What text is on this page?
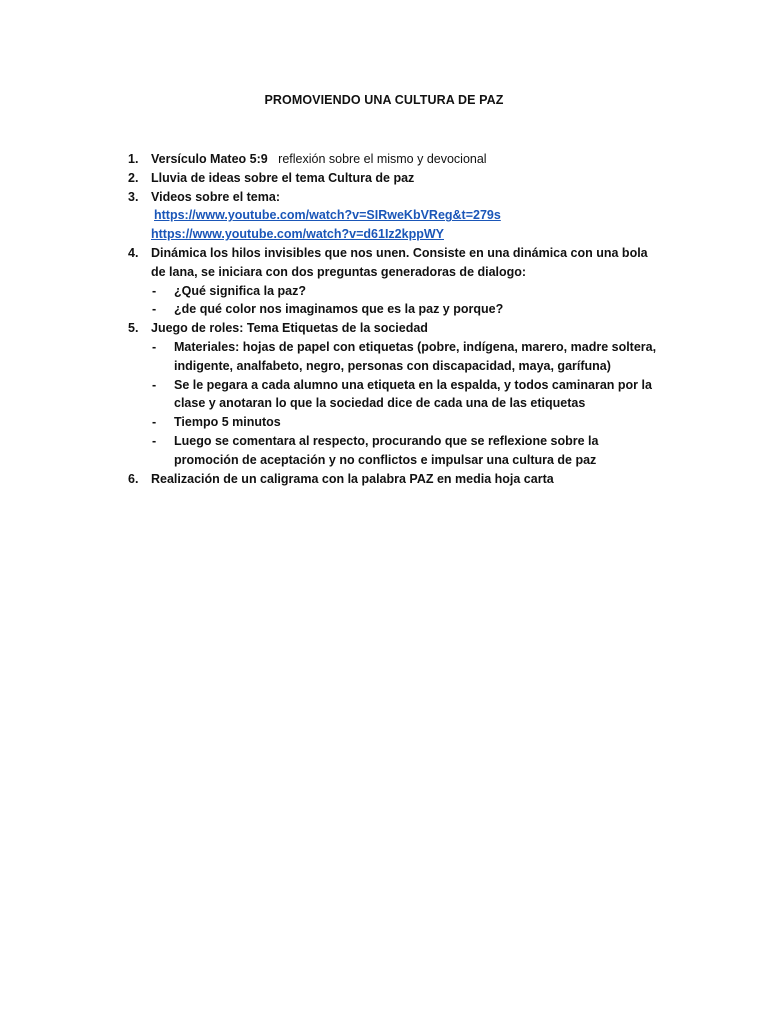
PROMOVIENDO UNA CULTURA DE PAZ
1. Versículo Mateo 5:9 reflexión sobre el mismo y devocional
2. Lluvia de ideas sobre el tema Cultura de paz
3. Videos sobre el tema:
https://www.youtube.com/watch?v=SIRweKbVReg&t=279s
https://www.youtube.com/watch?v=d61Iz2kppWY
4. Dinámica los hilos invisibles que nos unen. Consiste en una dinámica con una bola de lana, se iniciara con dos preguntas generadoras de dialogo:
- ¿Qué significa la paz?
- ¿de qué color nos imaginamos que es la paz y porque?
5. Juego de roles: Tema Etiquetas de la sociedad
- Materiales: hojas de papel con etiquetas (pobre, indígena, marero, madre soltera, indigente, analfabeto, negro, personas con discapacidad, maya, garífuna)
- Se le pegara a cada alumno una etiqueta en la espalda, y todos caminaran por la clase y anotaran lo que la sociedad dice de cada una de las etiquetas
- Tiempo 5 minutos
- Luego se comentara al respecto, procurando que se reflexione sobre la promoción de aceptación y no conflictos e impulsar una cultura de paz
6. Realización de un caligrama con la palabra PAZ en media hoja carta
